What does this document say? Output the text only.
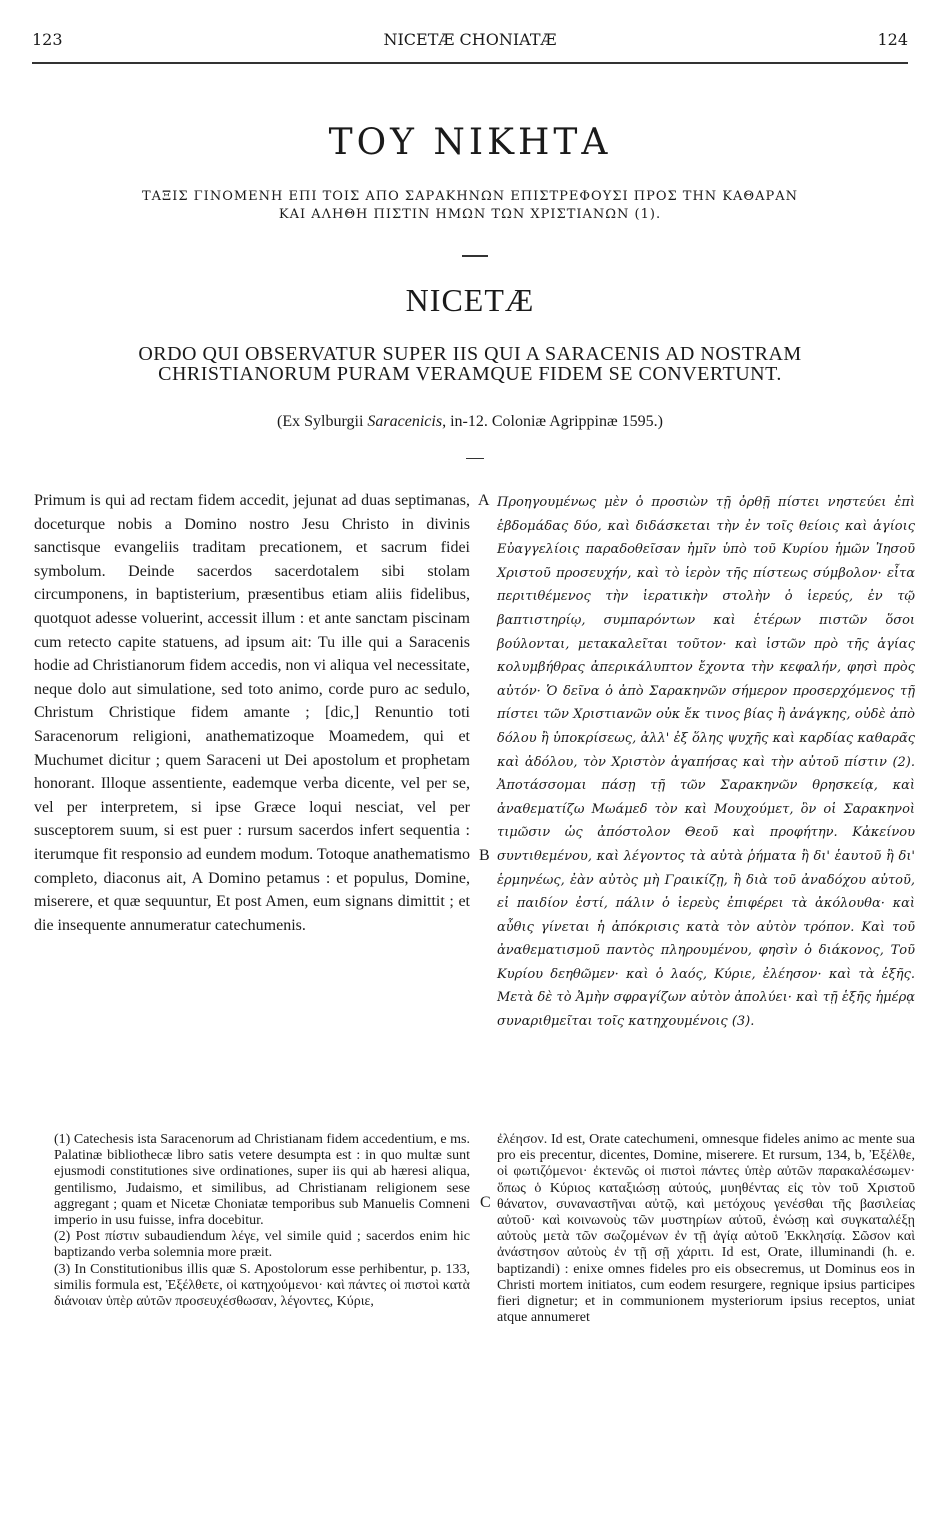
123	NICETÆ CHONIATÆ	124
ΤΟΥ ΝΙΚΗΤΑ
ΤΑΞΙΣ ΓΙΝΟΜΕΝΗ ΕΠΙ ΤΟΙΣ ΑΠΟ ΣΑΡΑΚΗΝΩΝ ΕΠΙΣΤΡΕΦΟΥΣΙ ΠΡΟΣ ΤΗΝ ΚΑΘΑΡΑΝ
ΚΑΙ ΑΛΗΘΗ ΠΙΣΤΙΝ ΗΜΩΝ ΤΩΝ ΧΡΙΣΤΙΑΝΩΝ (1).
NICETÆ
ORDO QUI OBSERVATUR SUPER IIS QUI A SARACENIS AD NOSTRAM
CHRISTIANORUM PURAM VERAMQUE FIDEM SE CONVERTUNT.
(Ex Sylburgii Saracenicis, in-12. Coloniæ Agrippinæ 1595.)
Primum is qui ad rectam fidem accedit, jejunat ad duas septimanas, doceturque nobis a Domino nostro Jesu Christo in divinis sanctisque evangeliis traditam precationem, et sacrum fidei symbolum. Deinde sacerdos sacerdotalem sibi stolam circumponens, in baptisterium, præsentibus etiam aliis fidelibus, quotquot adesse voluerint, accessit illum : et ante sanctam piscinam cum retecto capite statuens, ad ipsum ait: Tu ille qui a Saracenis hodie ad Christianorum fidem accedis, non vi aliqua vel necessitate, neque dolo aut simulatione, sed toto animo, corde puro ac sedulo, Christum Christique fidem amante ; [dic,] Renuntio toti Saracenorum religioni, anathematizoque Moamedem, qui et Muchumet dicitur ; quem Saraceni ut Dei apostolum et prophetam honorant. Illoque assentiente, eademque verba dicente, vel per se, vel per interpretem, si ipse Græce loqui nesciat, vel per susceptorem suum, si est puer : rursum sacerdos infert sequentia : iterumque fit responsio ad eundem modum. Totoque anathematismo completo, diaconus ait, A Domino petamus : et populus, Domine, miserere, et quæ sequuntur, Et post Amen, eum signans dimittit ; et die insequente annumeratur catechumenis.
A
B
C
Προηγουμένως μὲν ὁ προσιὼν τῇ ὀρθῇ πίστει νηστεύει ἐπὶ ἑβδομάδας δύο, καὶ διδάσκεται τὴν ἐν τοῖς θείοις καὶ ἁγίοις Εὐαγγελίοις παραδοθεῖσαν ἡμῖν ὑπὸ τοῦ Κυρίου ἡμῶν Ἰησοῦ Χριστοῦ προσευχήν, καὶ τὸ ἱερὸν τῆς πίστεως σύμβολον· εἶτα περιτιθέμενος τὴν ἱερατικὴν στολὴν ὁ ἱερεύς, ἐν τῷ βαπτιστηρίῳ, συμπαρόντων καὶ ἑτέρων πιστῶν ὅσοι βούλονται, μετακαλεῖται τοῦτον· καὶ ἱστῶν πρὸ τῆς ἁγίας κολυμβήθρας ἀπερικάλυπτον ἔχοντα τὴν κεφαλήν, φησὶ πρὸς αὐτόν· Ὁ δεῖνα ὁ ἀπὸ Σαρακηνῶν σήμερον προσερχόμενος τῇ πίστει τῶν Χριστιανῶν οὐκ ἔκ τινος βίας ἢ ἀνάγκης, οὐδὲ ἀπὸ δόλου ἢ ὑποκρίσεως, ἀλλ' ἐξ ὅλης ψυχῆς καὶ καρδίας καθαρᾶς καὶ ἀδόλου, τὸν Χριστὸν ἀγαπήσας καὶ τὴν αὐτοῦ πίστιν (2). Ἀποτάσσομαι πάσῃ τῇ τῶν Σαρακηνῶν θρησκείᾳ, καὶ ἀναθεματίζω Μωάμεδ τὸν καὶ Μουχούμετ, ὃν οἱ Σαρακηνοὶ τιμῶσιν ὡς ἀπόστολον Θεοῦ καὶ προφήτην. Κἀκείνου συντιθεμένου, καὶ λέγοντος τὰ αὐτὰ ῥήματα ἢ δι' ἑαυτοῦ ἢ δι' ἑρμηνέως, ἐὰν αὐτὸς μὴ Γραικίζῃ, ἢ διὰ τοῦ ἀναδόχου αὐτοῦ, εἰ παιδίον ἐστί, πάλιν ὁ ἱερεὺς ἐπιφέρει τὰ ἀκόλουθα· καὶ αὖθις γίνεται ἡ ἀπόκρισις κατὰ τὸν αὐτὸν τρόπον. Καὶ τοῦ ἀναθεματισμοῦ παντὸς πληρουμένου, φησὶν ὁ διάκονος, Τοῦ Κυρίου δεηθῶμεν· καὶ ὁ λαός, Κύριε, ἐλέησον· καὶ τὰ ἑξῆς. Μετὰ δὲ τὸ Ἀμὴν σφραγίζων αὐτὸν ἀπολύει· καὶ τῇ ἑξῆς ἡμέρᾳ συναριθμεῖται τοῖς κατηχουμένοις (3).

(1) Catechesis ista Saracenorum ad Christianam fidem accedentium, e ms. Palatinæ bibliothecæ libro satis vetere desumpta est : in quo multæ sunt ejusmodi constitutiones sive ordinationes, super iis qui ab hæresi aliqua, gentilismo, Judaismo, et similibus, ad Christianam religionem sese aggregant ; quam et Nicetæ Choniatæ temporibus sub Manuelis Comneni imperio in usu fuisse, infra docebitur.

(2) Post πίστιν subaudiendum λέγε, vel simile quid ; sacerdos enim hic baptizando verba solemnia more præit.

(3) In Constitutionibus illis quæ S. Apostolorum esse perhibentur, p. 133, similis formula est, Ἐξέλθετε, οἱ κατηχούμενοι· καὶ πάντες οἱ πιστοὶ κατὰ διάνοιαν ὑπὲρ αὐτῶν προσευχέσθωσαν, λέγοντες, Κύριε,

ἐλέησον. Id est, Orate catechumeni, omnesque fideles animo ac mente sua pro eis precentur, dicentes, Domine, miserere. Et rursum, 134, b, Ἐξέλθε, οἱ φωτιζόμενοι· ἐκτενῶς οἱ πιστοὶ πάντες ὑπὲρ αὐτῶν παρακαλέσωμεν· ὅπως ὁ Κύριος καταξιώσῃ αὐτούς, μυηθέντας εἰς τὸν τοῦ Χριστοῦ θάνατον, συναναστῆναι αὐτῷ, καὶ μετόχους γενέσθαι τῆς βασιλείας αὐτοῦ· καὶ κοινωνοὺς τῶν μυστηρίων αὐτοῦ, ἑνώσῃ καὶ συγκαταλέξῃ αὐτοὺς μετὰ τῶν σωζομένων ἐν τῇ ἁγίᾳ αὐτοῦ Ἐκκλησίᾳ. Σῶσον καὶ ἀνάστησον αὐτοὺς ἐν τῇ σῇ χάριτι. Id est, Orate, illuminandi (h. e. baptizandi) : enixe omnes fideles pro eis obsecremus, ut Dominus eos in Christi mortem initiatos, cum eodem resurgere, regnique ipsius participes fieri dignetur; et in communionem mysteriorum ipsius receptos, uniat atque annumeret
